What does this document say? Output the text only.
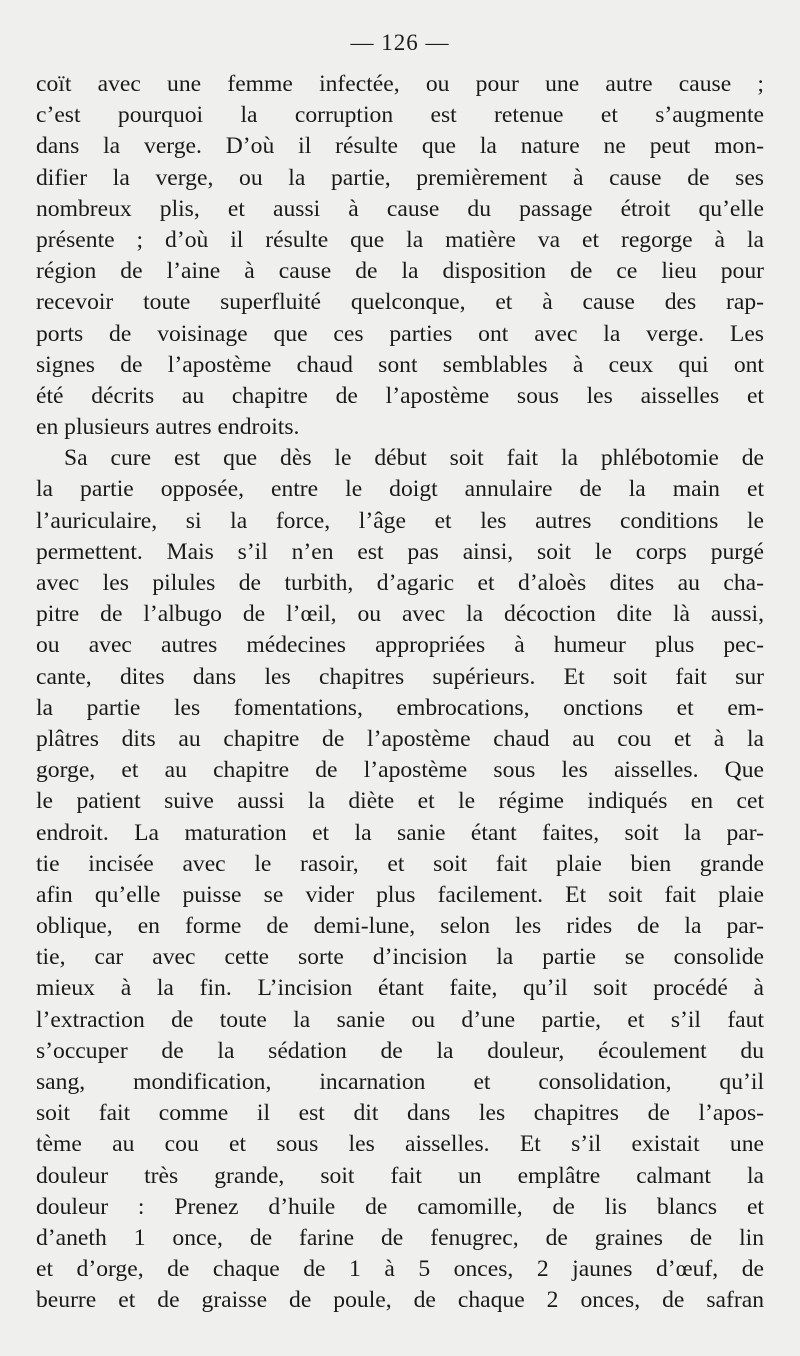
— 126 —
coït avec une femme infectée, ou pour une autre cause ;
c’est pourquoi la corruption est retenue et s’augmente
dans la verge. D’où il résulte que la nature ne peut mon-
difier la verge, ou la partie, premièrement à cause de ses
nombreux plis, et aussi à cause du passage étroit qu’elle
présente ; d’où il résulte que la matière va et regorge à la
région de l’aine à cause de la disposition de ce lieu pour
recevoir toute superfluité quelconque, et à cause des rap-
ports de voisinage que ces parties ont avec la verge. Les
signes de l’apostème chaud sont semblables à ceux qui ont
été décrits au chapitre de l’apostème sous les aisselles et
en plusieurs autres endroits.
Sa cure est que dès le début soit fait la phlébotomie de
la partie opposée, entre le doigt annulaire de la main et
l’auriculaire, si la force, l’âge et les autres conditions le
permettent. Mais s’il n’en est pas ainsi, soit le corps purgé
avec les pilules de turbith, d’agaric et d’aloès dites au cha-
pitre de l’albugo de l’œil, ou avec la décoction dite là aussi,
ou avec autres médecines appropriées à humeur plus pec-
cante, dites dans les chapitres supérieurs. Et soit fait sur
la partie les fomentations, embrocations, onctions et em-
plâtres dits au chapitre de l’apostème chaud au cou et à la
gorge, et au chapitre de l’apostème sous les aisselles. Que
le patient suive aussi la diète et le régime indiqués en cet
endroit. La maturation et la sanie étant faites, soit la par-
tie incisée avec le rasoir, et soit fait plaie bien grande
afin qu’elle puisse se vider plus facilement. Et soit fait plaie
oblique, en forme de demi-lune, selon les rides de la par-
tie, car avec cette sorte d’incision la partie se consolide
mieux à la fin. L’incision étant faite, qu’il soit procédé à
l’extraction de toute la sanie ou d’une partie, et s’il faut
s’occuper de la sédation de la douleur, écoulement du
sang, mondification, incarnation et consolidation, qu’il
soit fait comme il est dit dans les chapitres de l’apos-
tème au cou et sous les aisselles. Et s’il existait une
douleur très grande, soit fait un emplâtre calmant la
douleur : Prenez d’huile de camomille, de lis blancs et
d’aneth 1 once, de farine de fenugrec, de graines de lin
et d’orge, de chaque de 1 à 5 onces, 2 jaunes d’œuf, de
beurre et de graisse de poule, de chaque 2 onces, de safran
